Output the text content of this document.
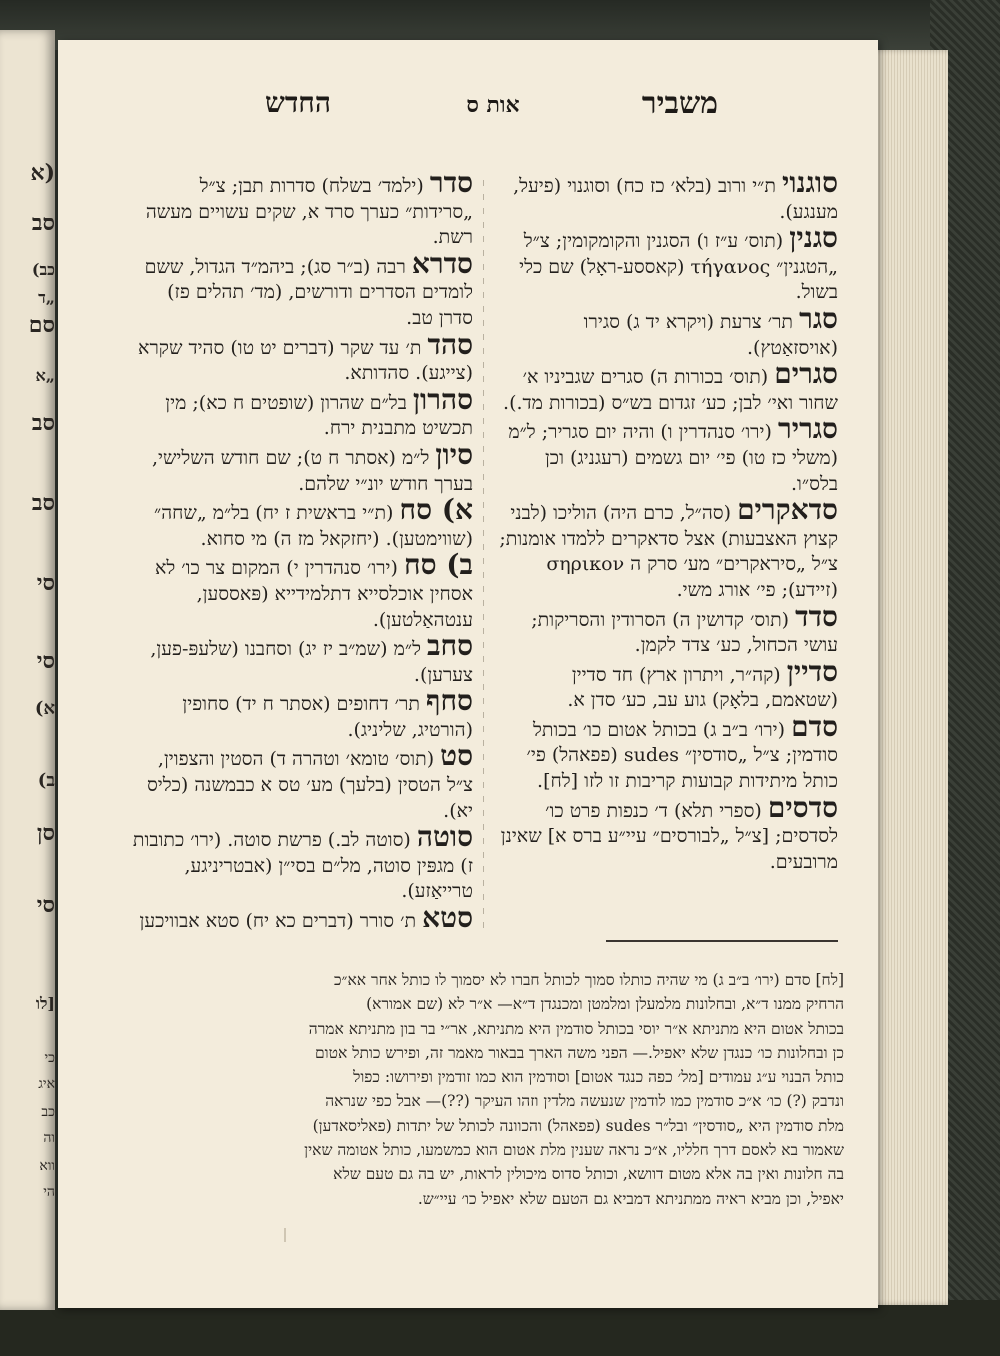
(א
סב
כב)
„ד
סם
„א
סב
סב
סי
סי
א)
ב)
סן
סי
[לו
כי
איג
כב
וה
ווא
הי
משביר
אות ס
החדש
סוגנוי ת״י ורוב (בלא׳ כז כח) וסוגנוי (פיעל, מענגע).
סגנין (תוס׳ ע״ז ו) הסגנין והקומקומין; צ״ל „הטגנין״ τήγανος (קאססע-ראָל) שם כלי בשול.
סגר תר׳ צרעת (ויקרא יד ג) סגירו (אויסזאַטץ).
סגרים (תוס׳ בכורות ה) סגרים שגביניו א׳ שחור ואי׳ לבן; כע׳ זגדום בש״ס (בכורות מד.).
סגריר (ירו׳ סנהדרין ו) והיה יום סגריר; ל״מ (משלי כז טו) פי׳ יום גשמים (רעגניג) וכן בלס״ו.
סדאקרים (סה״ל, כרם היה) הוליכו (לבני קצוץ האצבעות) אצל סדאקרים ללמדו אומנות; צ״ל „סיראקרים״ מע׳ סרק ה σηρικον (זיידע); פי׳ אורג משי.
סדד (תוס׳ קדושין ה) הסרודין והסריקות; עושי הכחול, כע׳ צדד לקמן.
סדיין (קה״ר, ויתרון ארץ) חד סדיין (שטאמם, בלאָק) גוע עב, כע׳ סדן א.
סדם (ירו׳ ב״ב ג) בכותל אטום כו׳ בכותל סודמין; צ״ל „סודסין״ sudes (פפאהל) פי׳ כותל מיתידות קבועות קריבות זו לזו [לח].
סדסים (ספרי תלא) ד׳ כנפות פרט כו׳ לסדסים; [צ״ל „לבורסים״ עיי״ע ברס א] שאינן מרובעים.
סדר (ילמד׳ בשלח) סדרות תבן; צ״ל „סרידות״ כערך סרד א, שקים עשויים מעשה רשת.
סדרא רבה (ב״ר סג); ביהמ״ד הגדול, ששם לומדים הסדרים ודורשים, (מד׳ תהלים פז) סדרן טב.
סהד ת׳ עד שקר (דברים יט טו) סהיד שקרא (צייגע). סהדותא.
סהרון בל״ם שהרון (שופטים ח כא); מין תכשיט מתבנית ירח.
סיון ל״מ (אסתר ח ט); שם חודש השלישי, בערך חודש יונ״י שלהם.
א) סח (ת״י בראשית ז יח) בל״מ „שחה״ (שווימטען). (יחזקאל מז ה) מי סחוא.
ב) סח (ירו׳ סנהדרין י) המקום צר כו׳ לא אסחין אוכלסייא דתלמידייא (פּאססען, ענטהאַלטען).
סחב ל״מ (שמ״ב יז יג) וסחבנו (שלעפּ-פען, צערען).
סחף תר׳ דחופים (אסתר ח יד) סחופין (הורטיג, שליניג).
סט (תוס׳ טומא׳ וטהרה ד) הסטין והצפוין, צ״ל הטסין (בלעך) מע׳ טס א כבמשנה (כליס יא).
סוטה (סוטה לב.) פרשת סוטה. (ירו׳ כתובות ז) מגפּין סוטה, מל״ם בסי״ן (אבטריניגע, טרייאַזע).
סטא ת׳ סורר (דברים כא יח) סטא אבוויכען
[לח] סדם (ירו׳ ב״ב ג) מי שהיה כותלו סמוך לכותל חברו לא יסמוך לו כותל אחר אא״כ
הרחיק ממנו ד״א, ובחלונות מלמעלן ומלמטן ומכנגדן ד״א— א״ר לא (שם אמורא)
בכותל אטום היא מתניתא א״ר יוסי בכותל סודמין היא מתניתא, אר״י בר בון מתניתא אמרה
כן ובחלונות כו׳ כנגדן שלא יאפיל.— הפני משה הארך בבאור מאמר זה, ופירש כותל אטום
כותל הבנוי ע״ג עמודים [מל׳ כפה כנגד אטום] וסודמין הוא כמו זודמין ופירושו: כפול
ונדבק (?) כו׳ א״כ סודמין כמו לודמין שנעשה מלדין וזהו העיקר (??)— אבל כפי שנראה
מלת סודמין היא „סודסין״ ובל״ר sudes (פפאהל) והכוונה לכותל של יתדות (פאליסאדען)
שאמור בא לאסם דרך חלליו, א״כ נראה שענין מלת אטום הוא כמשמעו, כותל אטומה שאין
בה חלונות ואין בה אלא מטום דוושא, וכותל סדוס מיכולין לראות, יש בה גם טעם שלא
יאפיל, וכן מביא ראיה ממתניתא דמביא גם הטעם שלא יאפיל כו׳ עיי״ש.
